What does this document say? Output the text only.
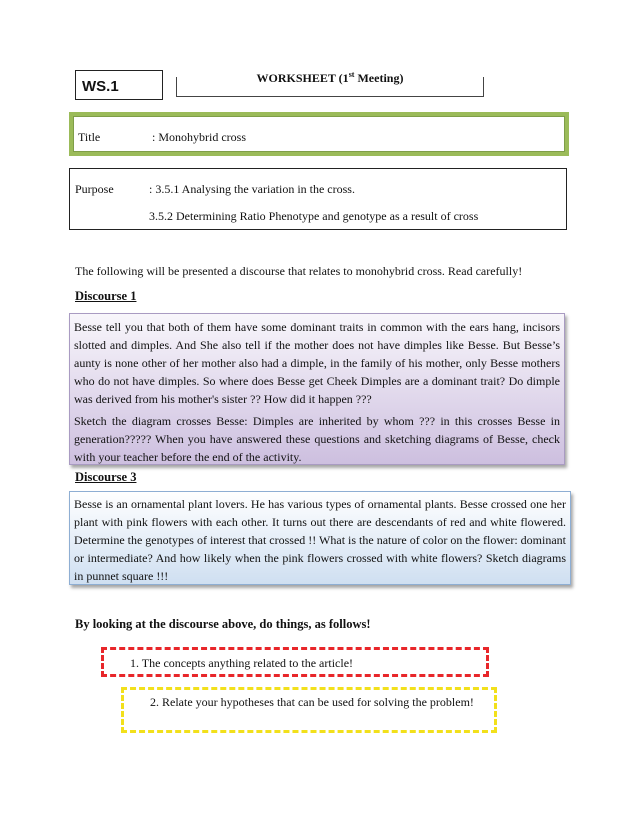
WS.1	WORKSHEET (1st Meeting)
Title	: Monohybrid cross
Purpose	: 3.5.1 Analysing the variation in the cross.
3.5.2 Determining Ratio Phenotype and genotype as a result of cross
The following will be presented a discourse that relates to monohybrid cross. Read carefully!
Discourse 1
Besse tell you that both of them have some dominant traits in common with the ears hang, incisors slotted and dimples. And She also tell if the mother does not have dimples like Besse. But Besse’s aunty is none other of her mother also had a dimple, in the family of his mother, only Besse mothers who do not have dimples. So where does Besse get Cheek Dimples are a dominant trait? Do dimple was derived from his mother's sister ?? How did it happen ???
Sketch the diagram crosses Besse: Dimples are inherited by whom ??? in this crosses Besse in generation????? When you have answered these questions and sketching diagrams of Besse, check with your teacher before the end of the activity.
Discourse 3
Besse is an ornamental plant lovers. He has various types of ornamental plants. Besse crossed one her plant with pink flowers with each other. It turns out there are descendants of red and white flowered. Determine the genotypes of interest that crossed !! What is the nature of color on the flower: dominant or intermediate? And how likely when the pink flowers crossed with white flowers? Sketch diagrams in punnet square !!!
By looking at the discourse above, do things, as follows!
1. The concepts anything related to the article!
2. Relate your hypotheses that can be used for solving the problem!
